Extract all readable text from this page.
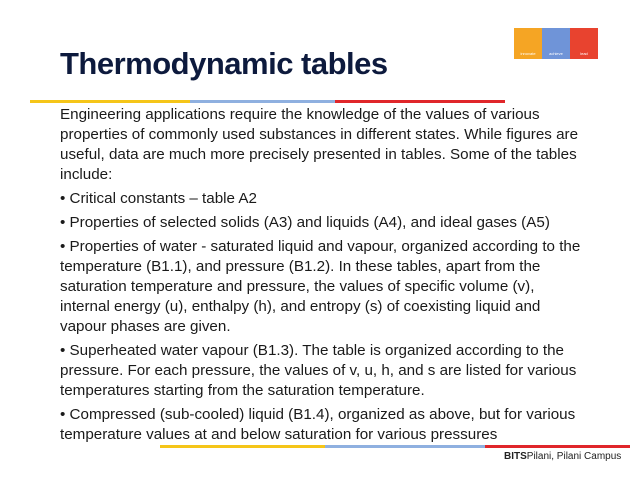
innovate	achieve	lead
Thermodynamic tables

Engineering applications require the knowledge of the values of various properties of commonly used substances in different states. While figures are useful, data are much more precisely presented in tables. Some of the tables include:

• Critical constants – table A2

• Properties of selected solids (A3) and liquids (A4), and ideal gases (A5)

• Properties of water - saturated liquid and vapour, organized according to the temperature (B1.1), and pressure (B1.2). In these tables, apart from the saturation temperature and pressure, the values of specific volume (v), internal energy (u), enthalpy (h), and entropy (s) of coexisting liquid and vapour phases are given.

• Superheated water vapour (B1.3). The table is organized according to the pressure. For each pressure, the values of v, u, h, and s are listed for various temperatures starting from the saturation temperature.

• Compressed (sub-cooled) liquid (B1.4), organized as above, but for various temperature values at and below saturation for various pressures

BITSPilani, Pilani Campus
